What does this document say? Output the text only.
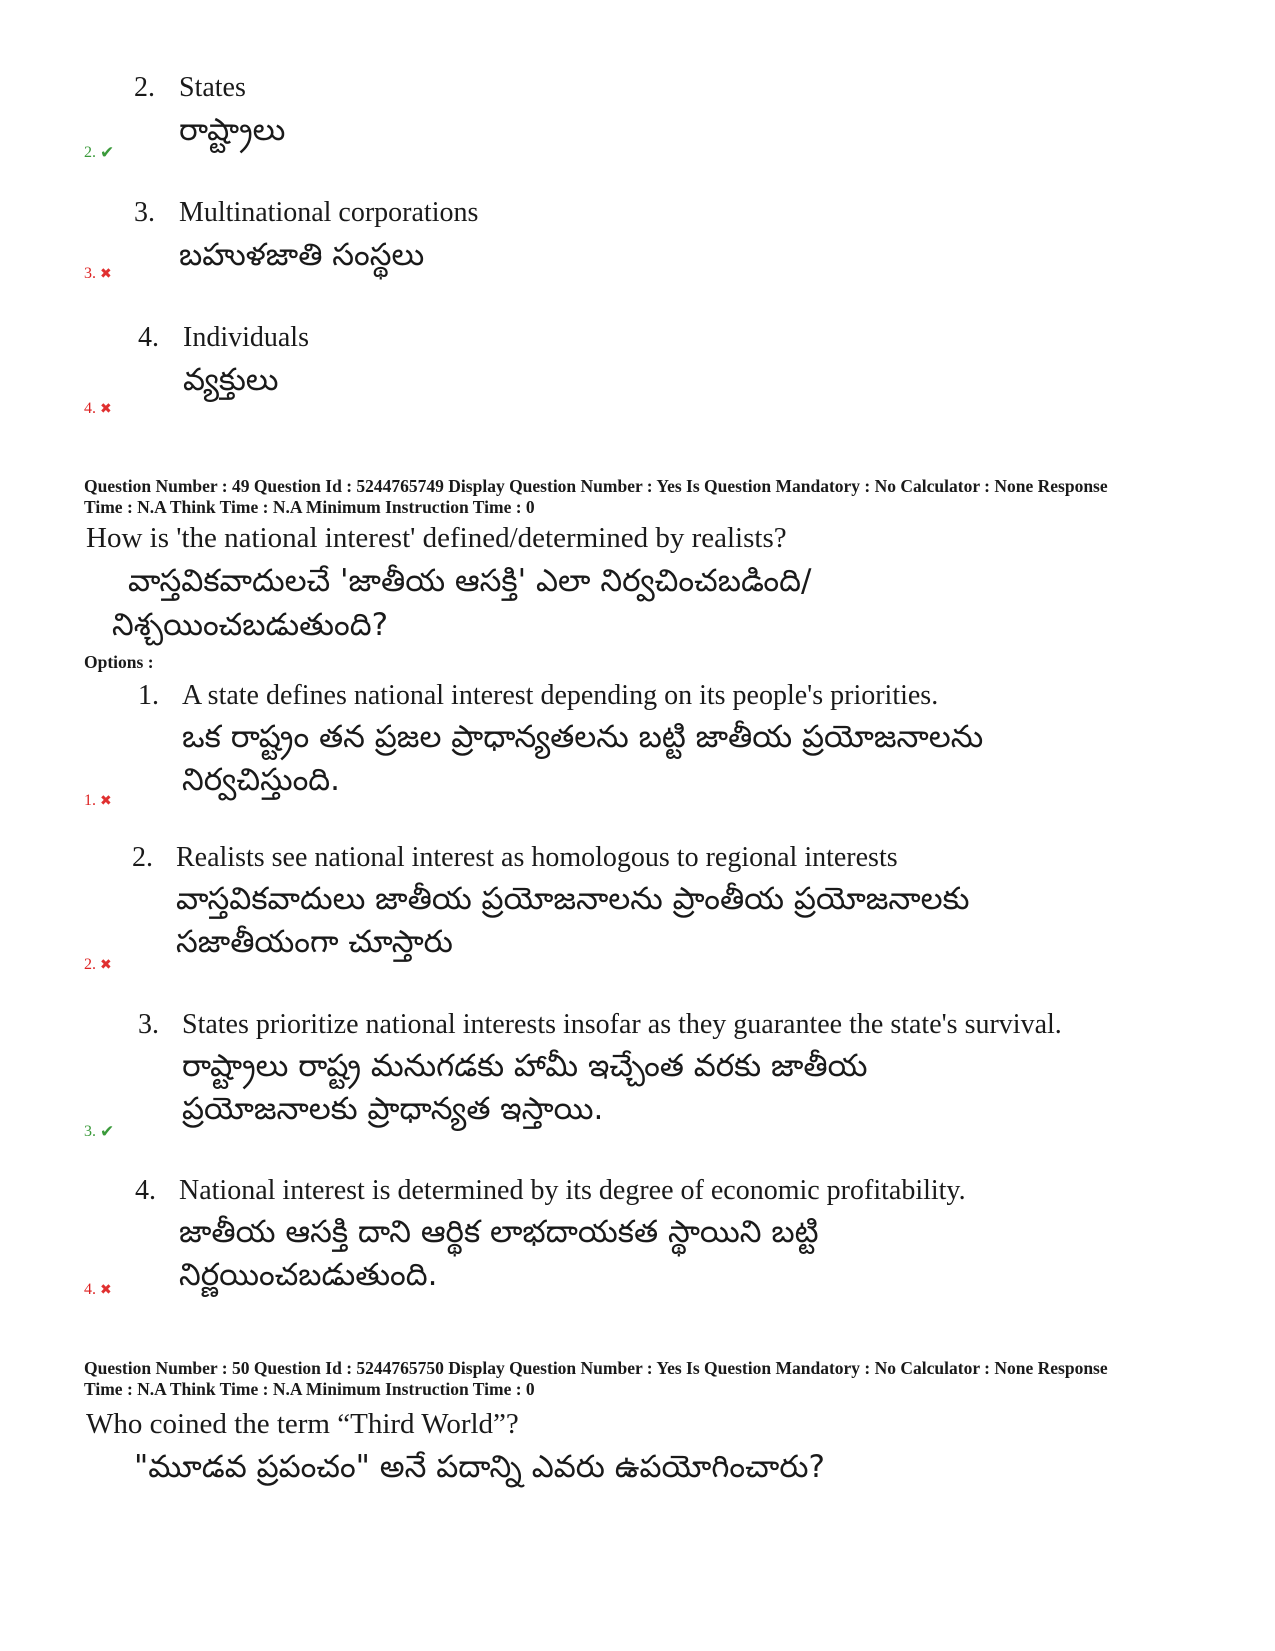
2. States
రాష్ట్రాలు
2. ✔
3. Multinational corporations
బహుళజాతి సంస్థలు
3. ✖
4. Individuals
వ్యక్తులు
4. ✖
Question Number : 49 Question Id : 5244765749 Display Question Number : Yes Is Question Mandatory : No Calculator : None Response
Time : N.A Think Time : N.A Minimum Instruction Time : 0
How is 'the national interest' defined/determined by realists?
వాస్తవికవాదులచే 'జాతీయ ఆసక్తి' ఎలా నిర్వచించబడింది/
నిశ్చయించబడుతుంది?
Options :
1. A state defines national interest depending on its people's priorities.
ఒక రాష్ట్రం తన ప్రజల ప్రాధాన్యతలను బట్టి జాతీయ ప్రయోజనాలను
నిర్వచిస్తుంది.
1. ✖
2. Realists see national interest as homologous to regional interests
వాస్తవికవాదులు జాతీయ ప్రయోజనాలను ప్రాంతీయ ప్రయోజనాలకు
సజాతీయంగా చూస్తారు
2. ✖
3. States prioritize national interests insofar as they guarantee the state's survival.
రాష్ట్రాలు రాష్ట్ర మనుగడకు హామీ ఇచ్చేంత వరకు జాతీయ
ప్రయోజనాలకు ప్రాధాన్యత ఇస్తాయి.
3. ✔
4. National interest is determined by its degree of economic profitability.
జాతీయ ఆసక్తి దాని ఆర్థిక లాభదాయకత స్థాయిని బట్టి
నిర్ణయించబడుతుంది.
4. ✖
Question Number : 50 Question Id : 5244765750 Display Question Number : Yes Is Question Mandatory : No Calculator : None Response
Time : N.A Think Time : N.A Minimum Instruction Time : 0
Who coined the term “Third World”?
"మూడవ ప్రపంచం" అనే పదాన్ని ఎవరు ఉపయోగించారు?
